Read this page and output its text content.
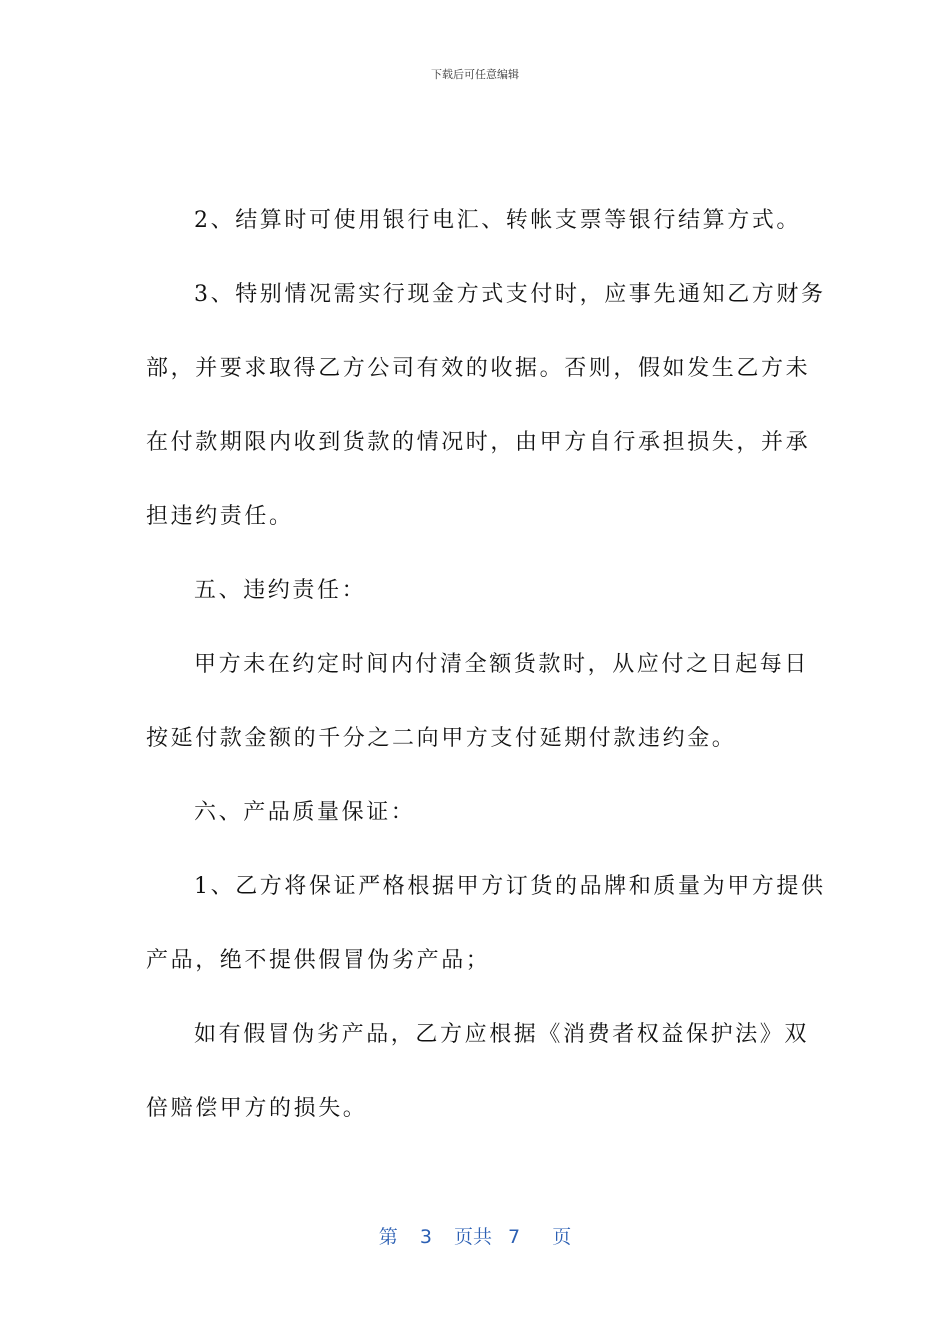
下载后可任意编辑

2、结算时可使用银行电汇、转帐支票等银行结算方式。

3、特别情况需实行现金方式支付时，应事先通知乙方财务
部，并要求取得乙方公司有效的收据。否则，假如发生乙方未
在付款期限内收到货款的情况时，由甲方自行承担损失，并承
担违约责任。

五、违约责任：

甲方未在约定时间内付清全额货款时，从应付之日起每日
按延付款金额的千分之二向甲方支付延期付款违约金。

六、产品质量保证：

1、乙方将保证严格根据甲方订货的品牌和质量为甲方提供
产品，绝不提供假冒伪劣产品；

如有假冒伪劣产品，乙方应根据《消费者权益保护法》双
倍赔偿甲方的损失。

第 3 页共 7 页
